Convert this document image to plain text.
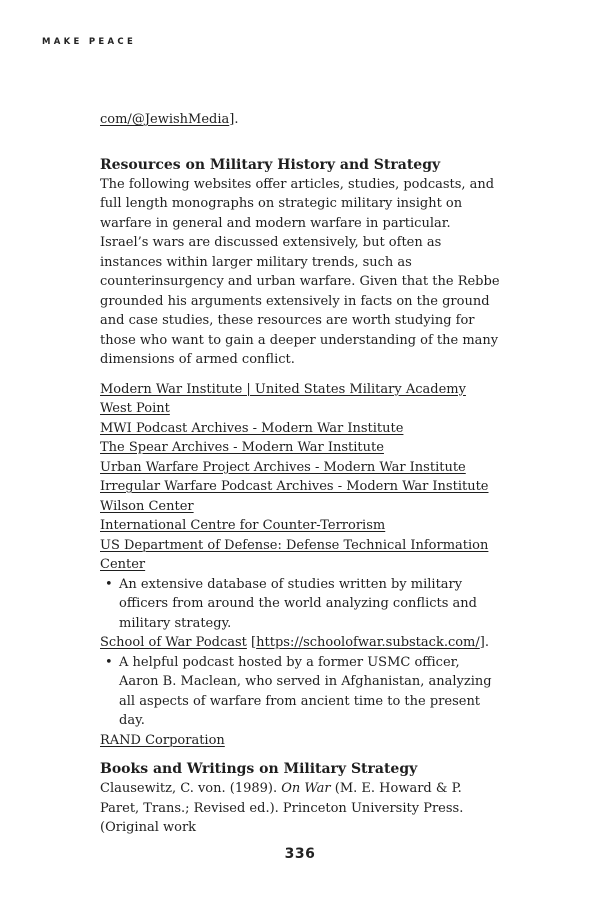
MAKE PEACE

com/@JewishMedia].

Resources on Military History and Strategy

The following websites offer articles, studies, podcasts, and full length monographs on strategic military insight on warfare in general and modern warfare in particular. Israel’s wars are discussed extensively, but often as instances within larger military trends, such as counterinsurgency and urban warfare. Given that the Rebbe grounded his arguments extensively in facts on the ground and case studies, these resources are worth studying for those who want to gain a deeper understanding of the many dimensions of armed conflict.

Modern War Institute | United States Military Academy West Point
MWI Podcast Archives - Modern War Institute
The Spear Archives - Modern War Institute
Urban Warfare Project Archives - Modern War Institute
Irregular Warfare Podcast Archives - Modern War Institute
Wilson Center
International Centre for Counter-Terrorism
US Department of Defense: Defense Technical Information Center
• An extensive database of studies written by military officers from around the world analyzing conflicts and military strategy.
School of War Podcast [https://schoolofwar.substack.com/].
• A helpful podcast hosted by a former USMC officer, Aaron B. Maclean, who served in Afghanistan, analyzing all aspects of warfare from ancient time to the present day.
RAND Corporation
Books and Writings on Military Strategy

Clausewitz, C. von. (1989). On War (M. E. Howard & P. Paret, Trans.; Revised ed.). Princeton University Press. (Original work

336
